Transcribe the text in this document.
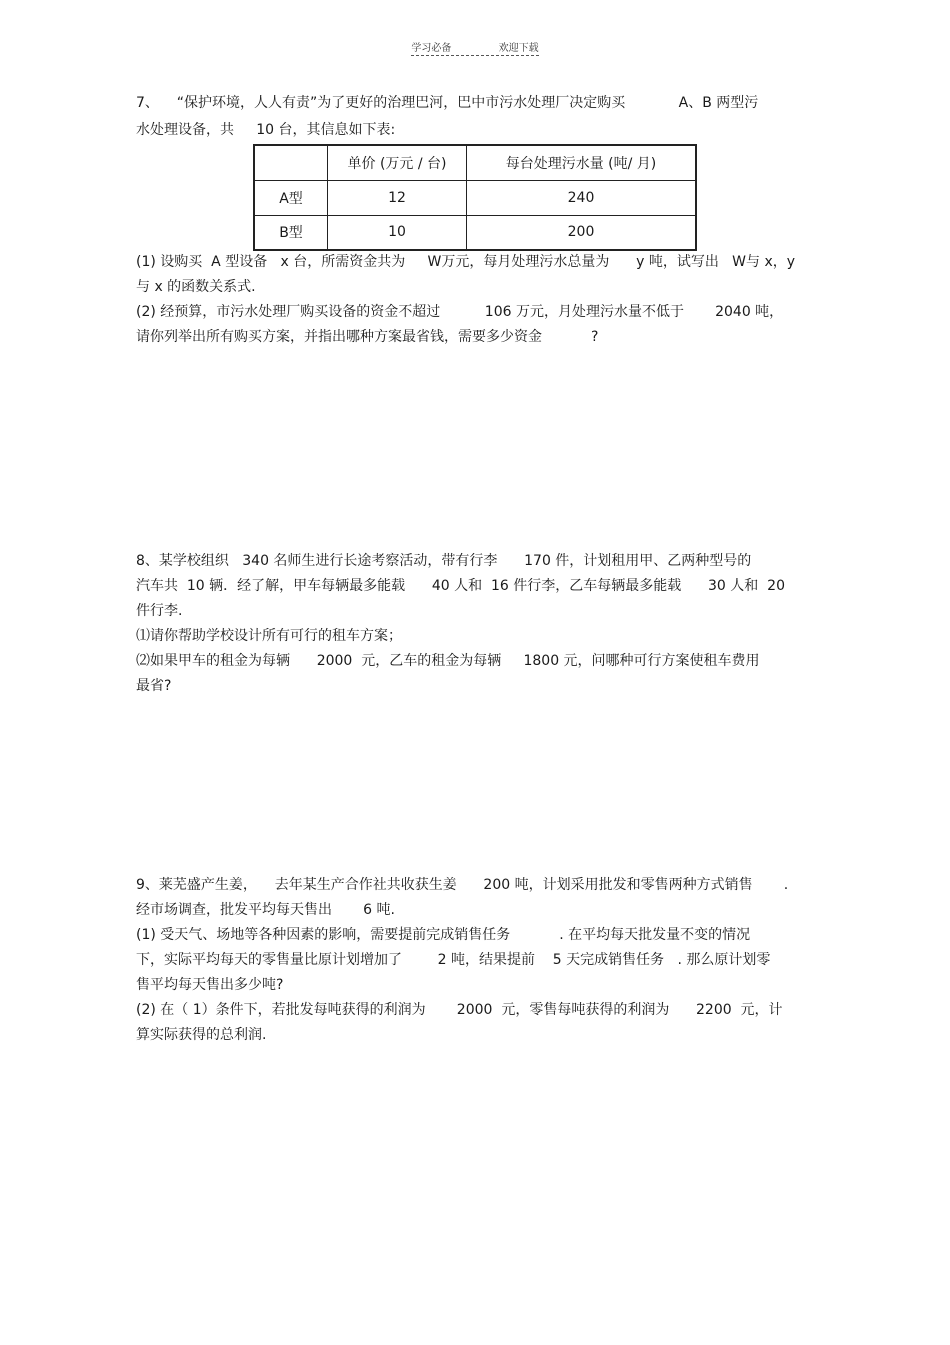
学习必备	欢迎下载
7、    “保护环境，人人有责”为了更好的治理巴河，巴中市污水处理厂决定购买            A、B 两型污
水处理设备，共     10 台，其信息如下表:
	单价 (万元 / 台)	每台处理污水量 (吨/ 月)
A型	12	240
B型	10	200
(1) 设购买  A 型设备   x 台，所需资金共为     W万元，每月处理污水总量为      y 吨，试写出   W与 x，y
与 x 的函数关系式.
(2) 经预算，市污水处理厂购买设备的资金不超过          106 万元，月处理污水量不低于       2040 吨，
请你列举出所有购买方案，并指出哪种方案最省钱，需要多少资金           ?
8、某学校组织   340 名师生进行长途考察活动，带有行李      170 件，计划租用甲、乙两种型号的
汽车共  10 辆．经了解，甲车每辆最多能载      40 人和  16 件行李，乙车每辆最多能载      30 人和  20
件行李.
⑴请你帮助学校设计所有可行的租车方案；
⑵如果甲车的租金为每辆      2000  元，乙车的租金为每辆     1800 元，问哪种可行方案使租车费用
最省?
9、莱芜盛产生姜，    去年某生产合作社共收获生姜      200 吨，计划采用批发和零售两种方式销售       .
经市场调查，批发平均每天售出       6 吨.
(1) 受天气、场地等各种因素的影响，需要提前完成销售任务           . 在平均每天批发量不变的情况
下，实际平均每天的零售量比原计划增加了        2 吨，结果提前    5 天完成销售任务   . 那么原计划零
售平均每天售出多少吨?
(2) 在（ 1）条件下，若批发每吨获得的利润为       2000  元，零售每吨获得的利润为      2200  元，计
算实际获得的总利润.
